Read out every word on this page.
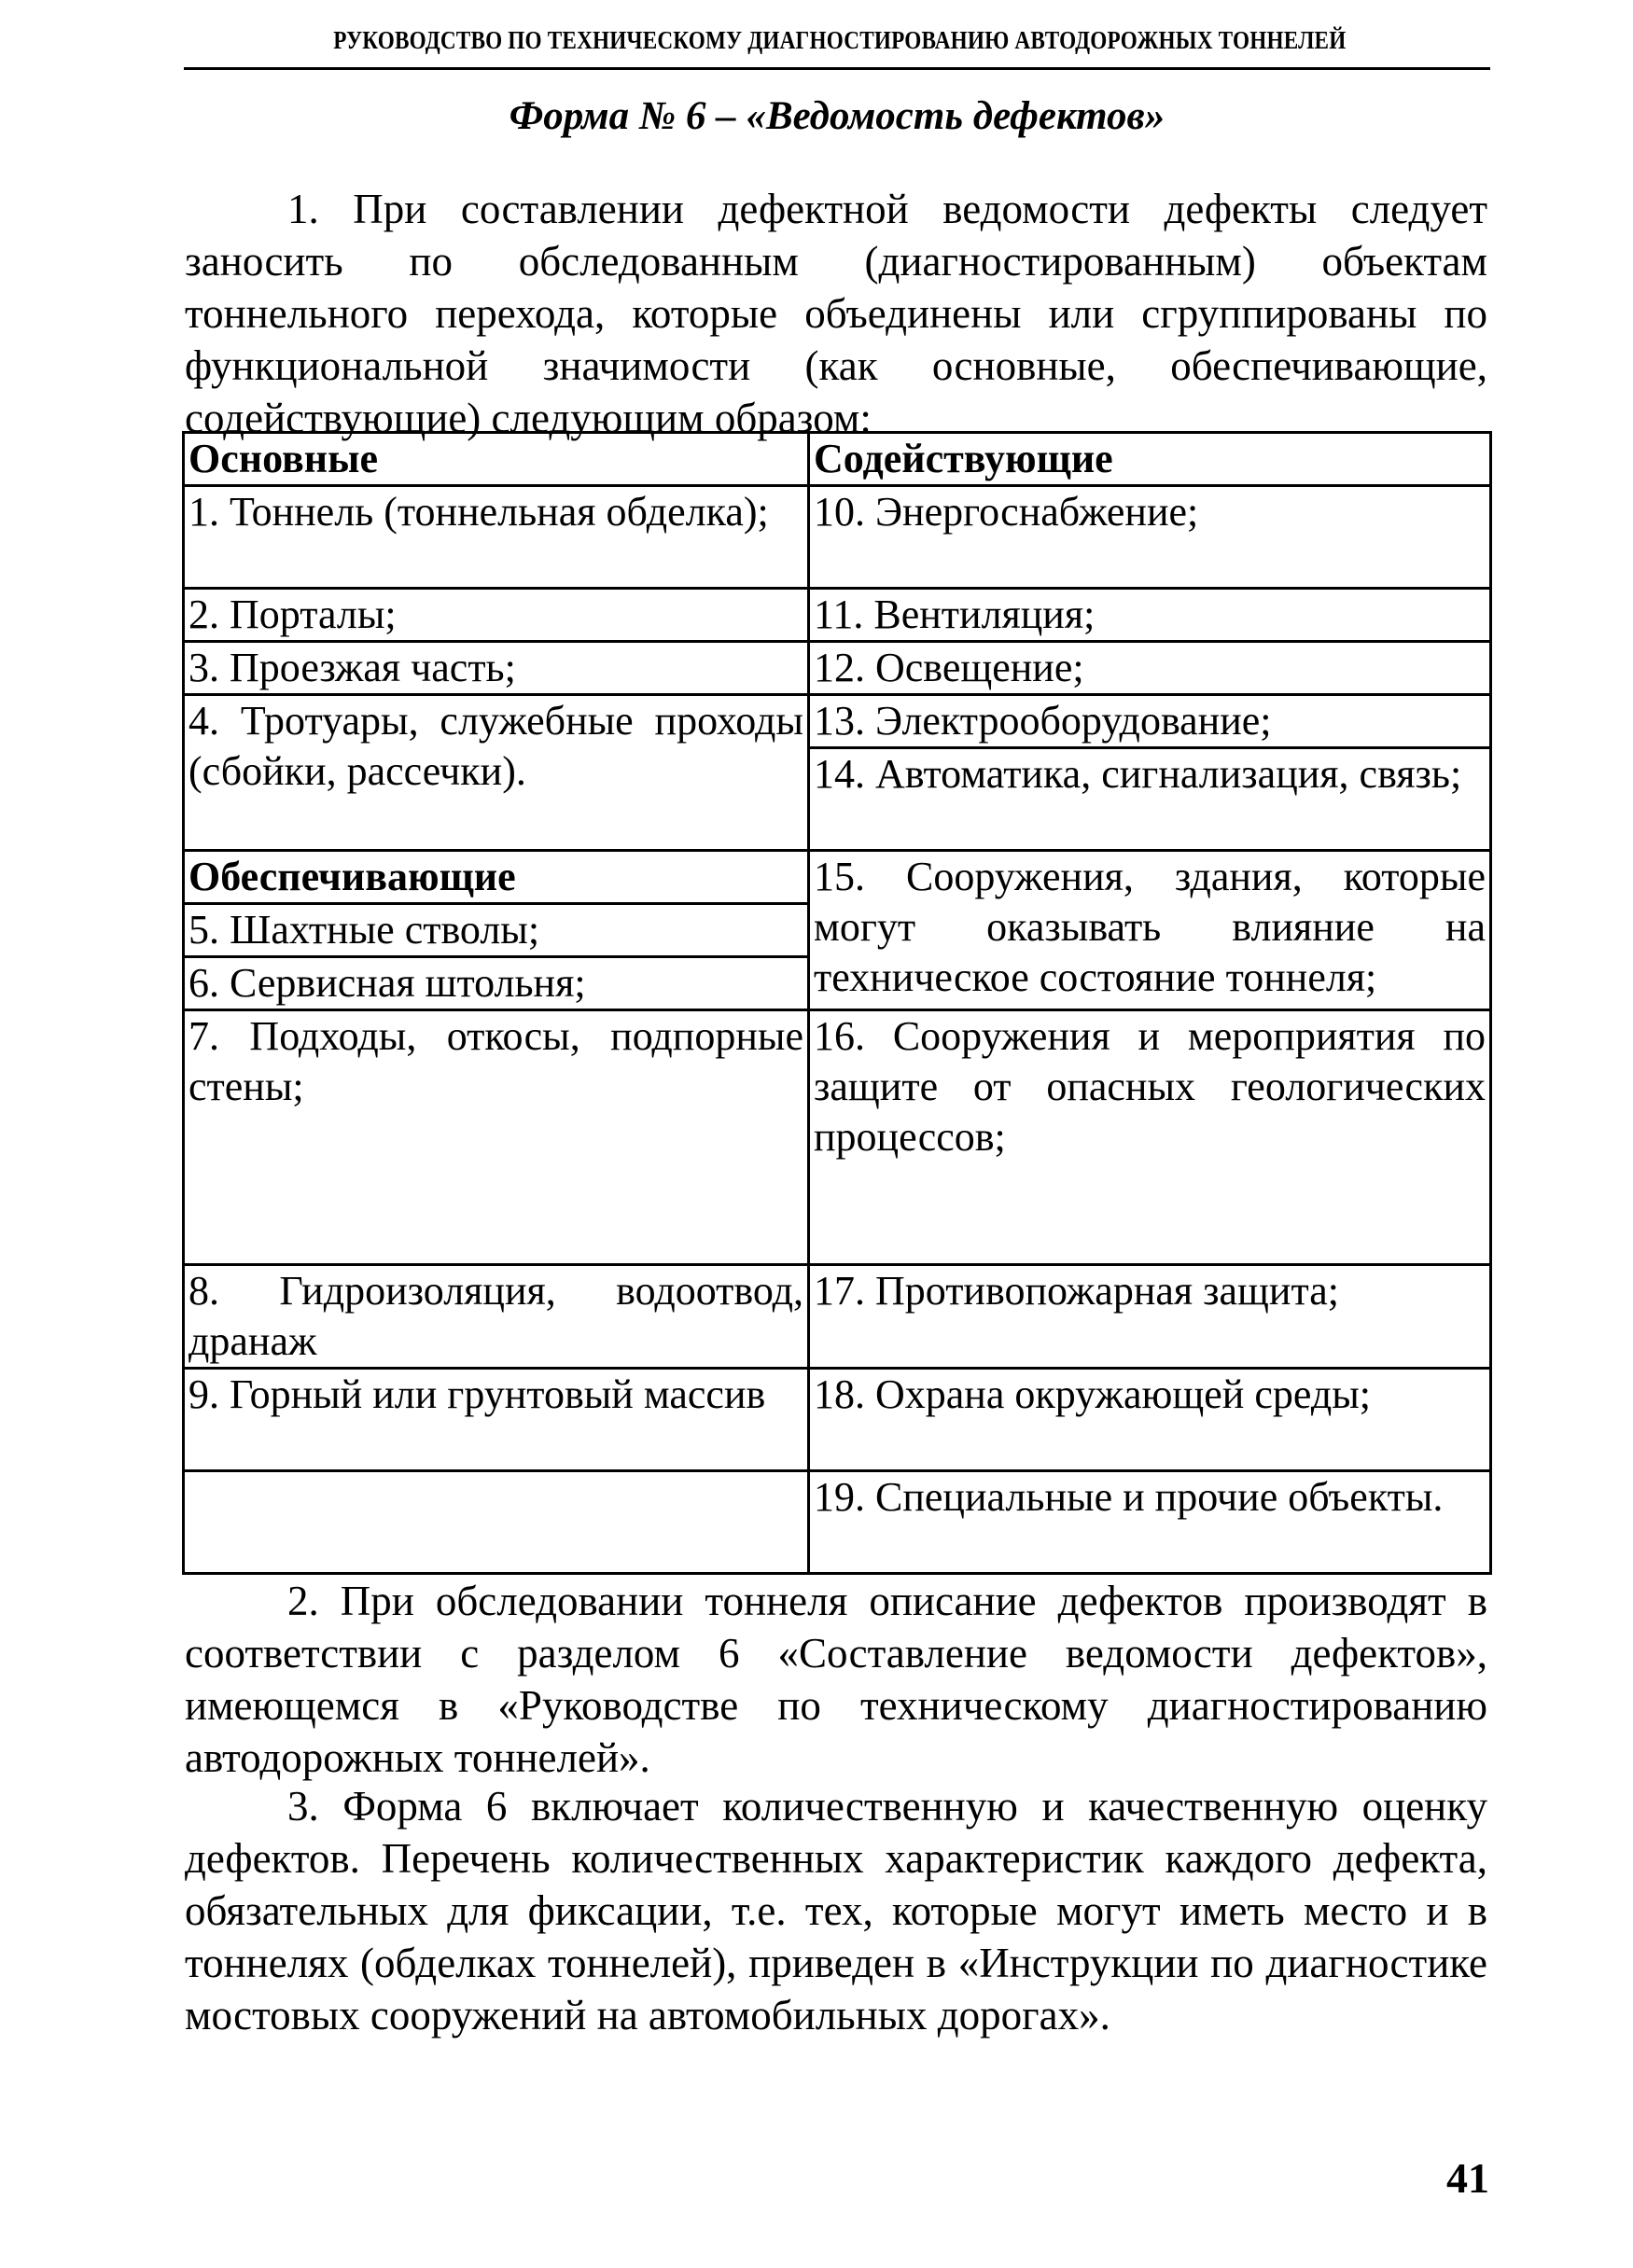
РУКОВОДСТВО ПО ТЕХНИЧЕСКОМУ ДИАГНОСТИРОВАНИЮ АВТОДОРОЖНЫХ ТОННЕЛЕЙ
Форма № 6 – «Ведомость дефектов»

1. При составлении дефектной ведомости дефекты следует заносить по обследованным (диагностированным) объектам тоннельного перехода, которые объединены или сгруппированы по функциональной значимости (как основные, обеспечивающие, содействующие) следующим образом:

Основные	Содействующие
1. Тоннель (тоннельная обделка);	10. Энергоснабжение;
2. Порталы;	11. Вентиляция;
3. Проезжая часть;	12. Освещение;
4. Тротуары, служебные проходы (сбойки, рассечки).	13. Электрооборудование;
	14. Автоматика, сигнализация, связь;
Обеспечивающие	15. Сооружения, здания, которые могут оказывать влияние на техническое состояние тоннеля;
5. Шахтные стволы;	
6. Сервисная штольня;	
7. Подходы, откосы, подпорные стены;	16. Сооружения и мероприятия по защите от опасных геологических процессов;
8. Гидроизоляция, водоотвод, дранаж	17. Противопожарная защита;
9. Горный или грунтовый массив	18. Охрана окружающей среды;
	19. Специальные и прочие объекты.

2. При обследовании тоннеля описание дефектов производят в соответствии с разделом 6 «Составление ведомости дефектов», имеющемся в «Руководстве по техническому диагностированию автодорожных тоннелей».

3. Форма 6 включает количественную и качественную оценку дефектов. Перечень количественных характеристик каждого дефекта, обязательных для фиксации, т.е. тех, которые могут иметь место и в тоннелях (обделках тоннелей), приведен в «Инструкции по диагностике мостовых сооружений на автомобильных дорогах».

41
